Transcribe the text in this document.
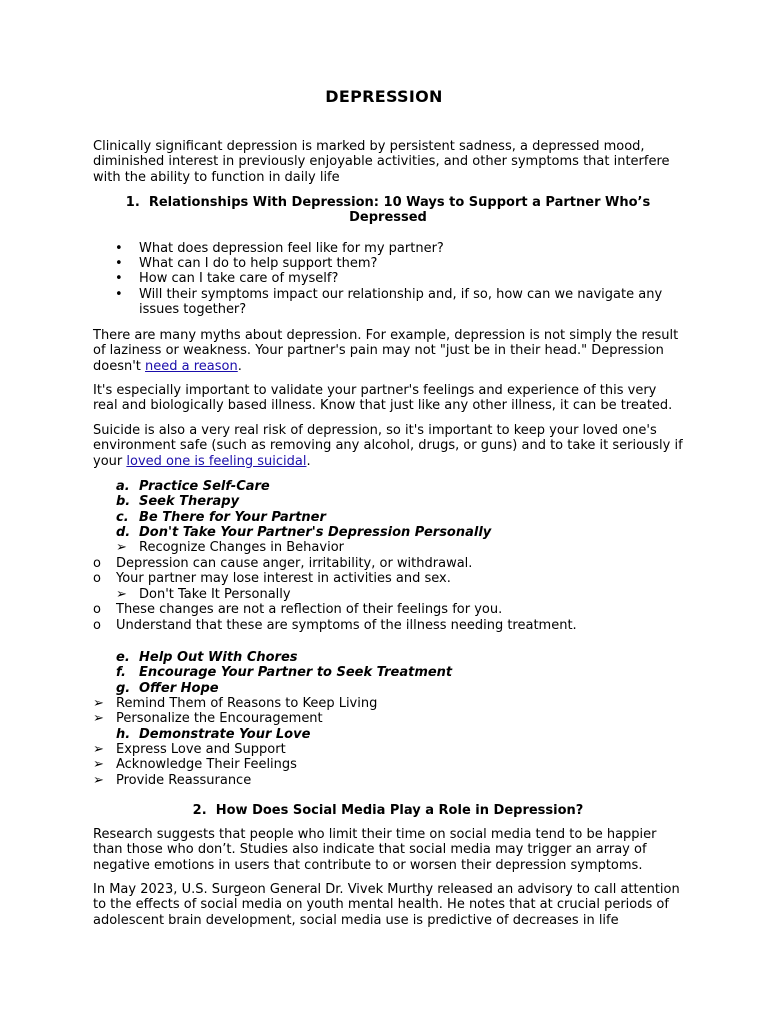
DEPRESSION

Clinically significant depression is marked by persistent sadness, a depressed mood, diminished interest in previously enjoyable activities, and other symptoms that interfere with the ability to function in daily life

1. Relationships With Depression: 10 Ways to Support a Partner Who’s Depressed

• What does depression feel like for my partner?
• What can I do to help support them?
• How can I take care of myself?
• Will their symptoms impact our relationship and, if so, how can we navigate any issues together?

There are many myths about depression. For example, depression is not simply the result of laziness or weakness. Your partner's pain may not "just be in their head." Depression doesn't need a reason.

It's especially important to validate your partner's feelings and experience of this very real and biologically based illness. Know that just like any other illness, it can be treated.

Suicide is also a very real risk of depression, so it's important to keep your loved one's environment safe (such as removing any alcohol, drugs, or guns) and to take it seriously if your loved one is feeling suicidal.

a. Practice Self-Care
b. Seek Therapy
c. Be There for Your Partner
d. Don't Take Your Partner's Depression Personally
➢ Recognize Changes in Behavior
o Depression can cause anger, irritability, or withdrawal.
o Your partner may lose interest in activities and sex.
➢ Don't Take It Personally
o These changes are not a reflection of their feelings for you.
o Understand that these are symptoms of the illness needing treatment.
e. Help Out With Chores
f. Encourage Your Partner to Seek Treatment
g. Offer Hope
➢ Remind Them of Reasons to Keep Living
➢ Personalize the Encouragement
h. Demonstrate Your Love
➢ Express Love and Support
➢ Acknowledge Their Feelings
➢ Provide Reassurance

2. How Does Social Media Play a Role in Depression?

Research suggests that people who limit their time on social media tend to be happier than those who don’t. Studies also indicate that social media may trigger an array of negative emotions in users that contribute to or worsen their depression symptoms.

In May 2023, U.S. Surgeon General Dr. Vivek Murthy released an advisory to call attention to the effects of social media on youth mental health. He notes that at crucial periods of adolescent brain development, social media use is predictive of decreases in life
